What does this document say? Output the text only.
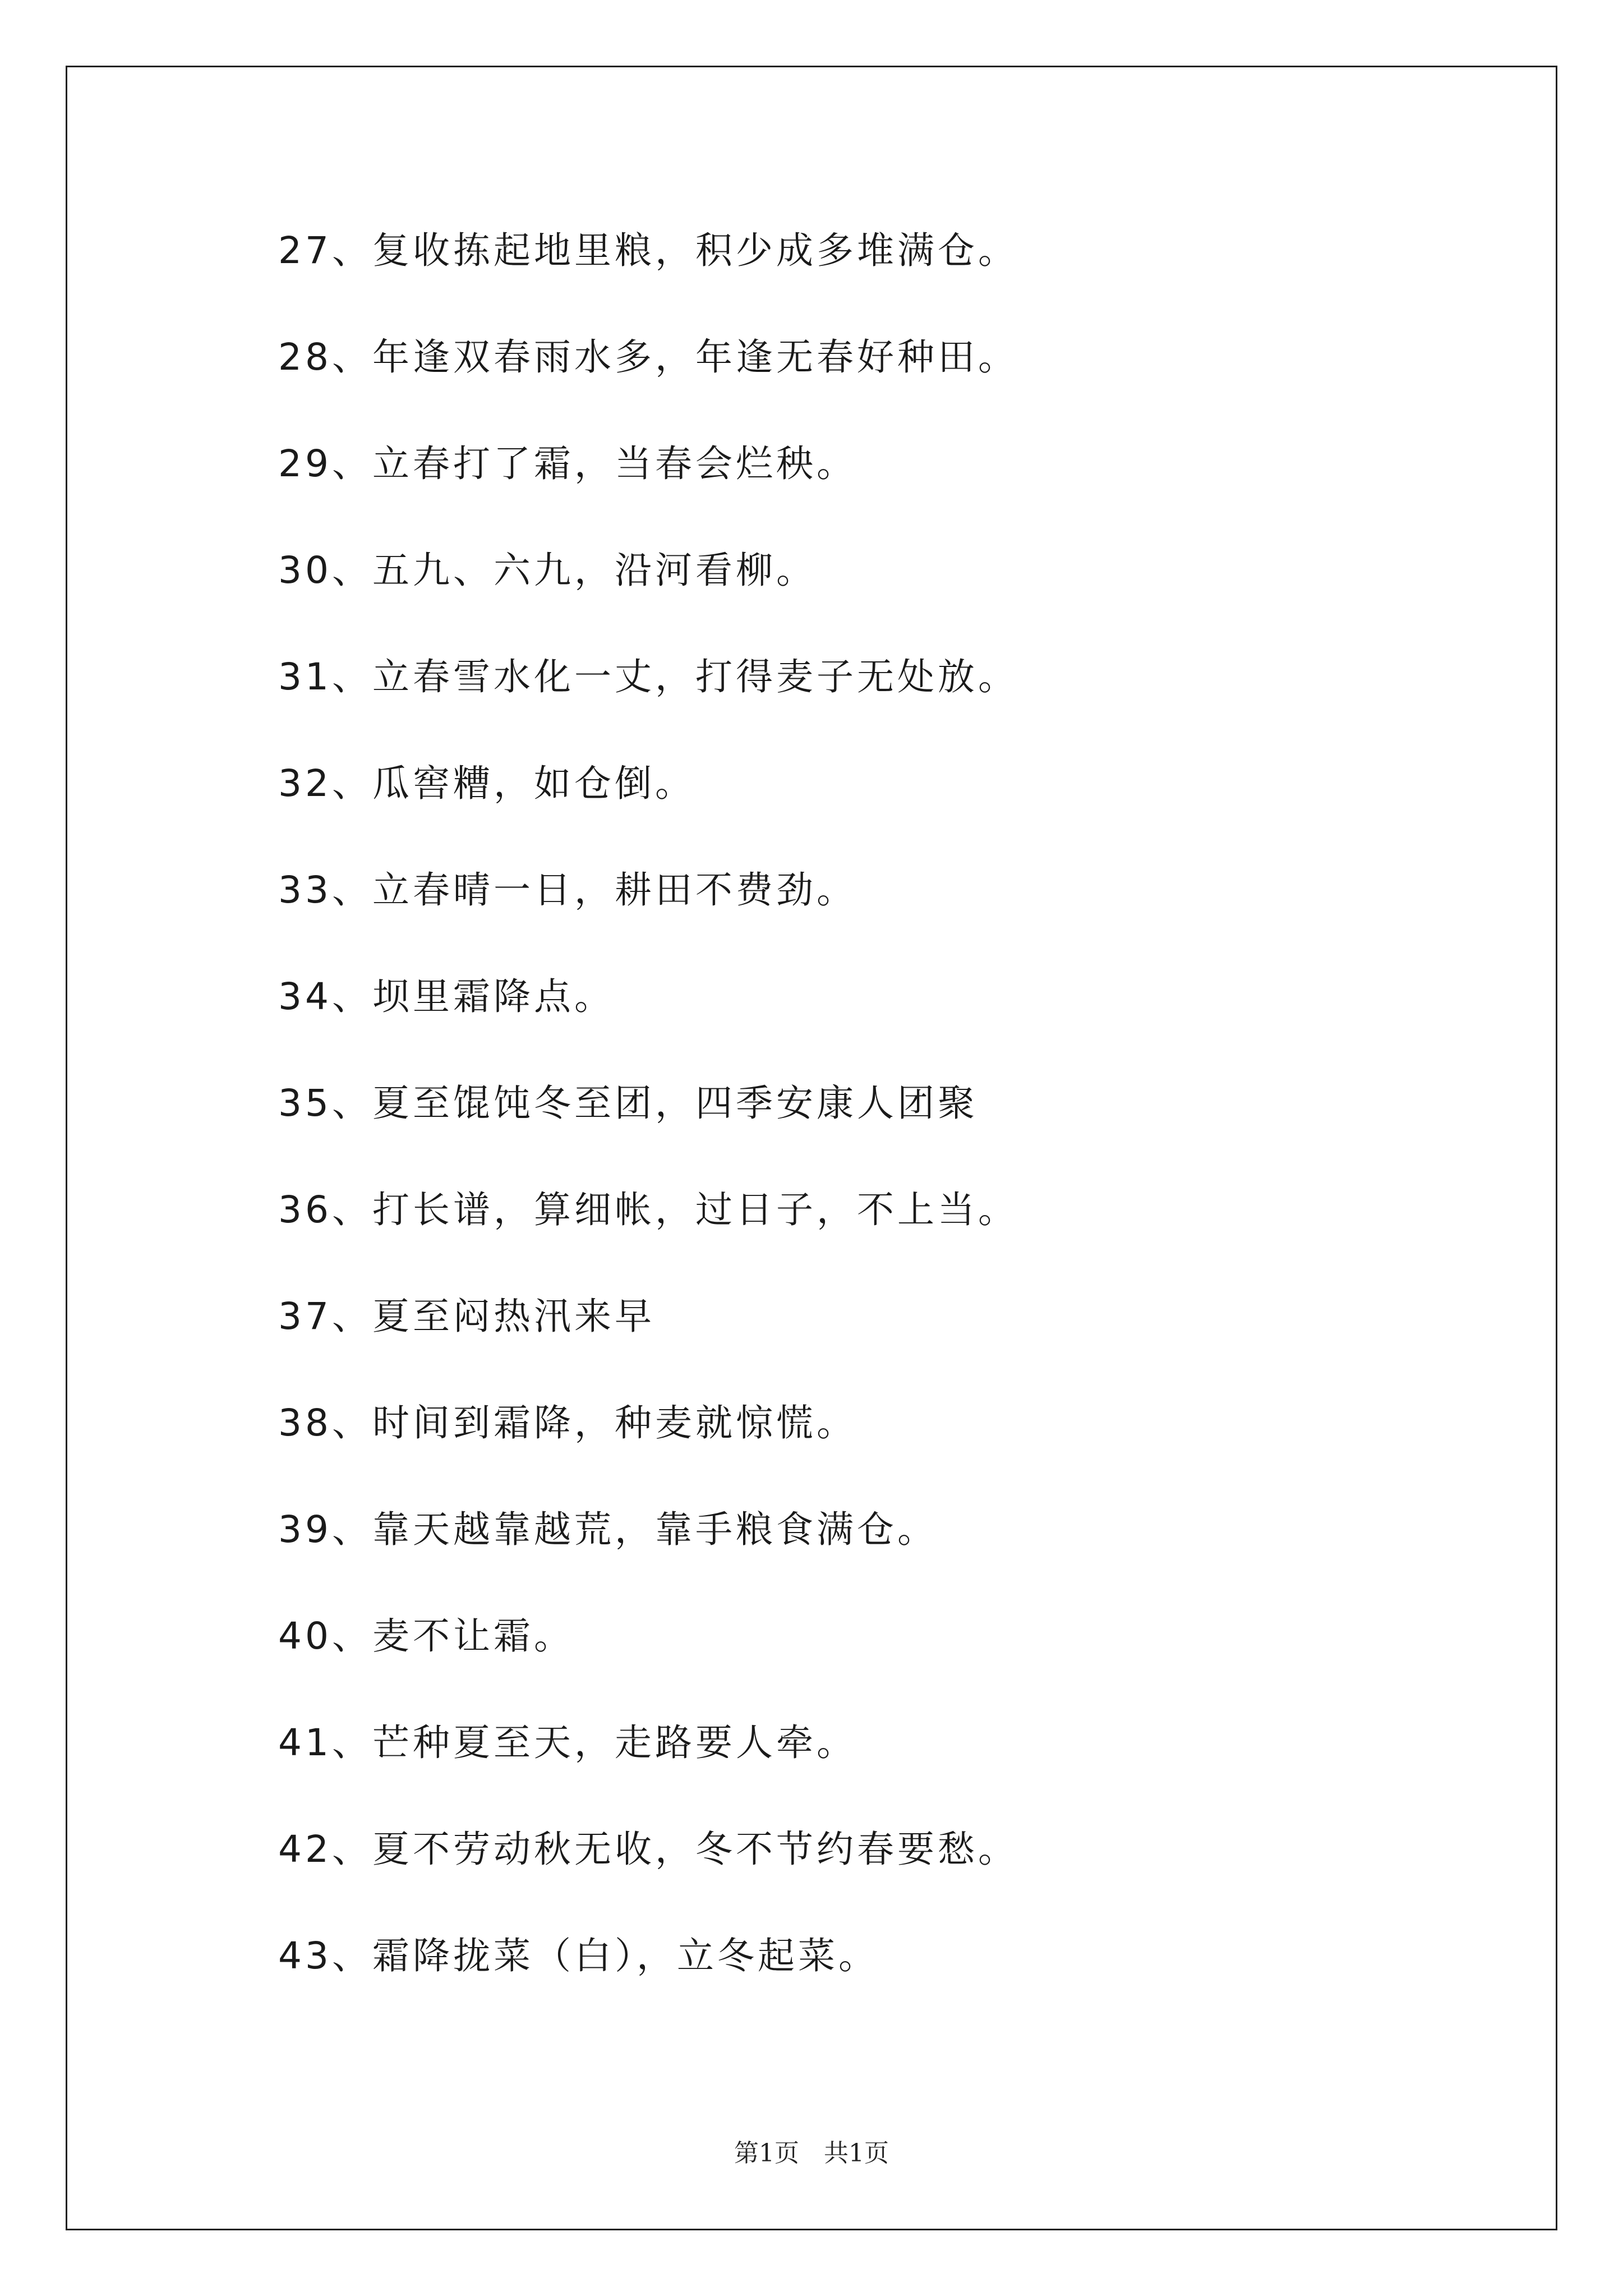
27、复收拣起地里粮，积少成多堆满仓。
28、年逢双春雨水多，年逢无春好种田。
29、立春打了霜，当春会烂秧。
30、五九、六九，沿河看柳。
31、立春雪水化一丈，打得麦子无处放。
32、瓜窖糟，如仓倒。
33、立春晴一日，耕田不费劲。
34、坝里霜降点。
35、夏至馄饨冬至团，四季安康人团聚
36、打长谱，算细帐，过日子，不上当。
37、夏至闷热汛来早
38、时间到霜降，种麦就惊慌。
39、靠天越靠越荒，靠手粮食满仓。
40、麦不让霜。
41、芒种夏至天，走路要人牵。
42、夏不劳动秋无收，冬不节约春要愁。
43、霜降拢菜（白），立冬起菜。
第1页　共1页
